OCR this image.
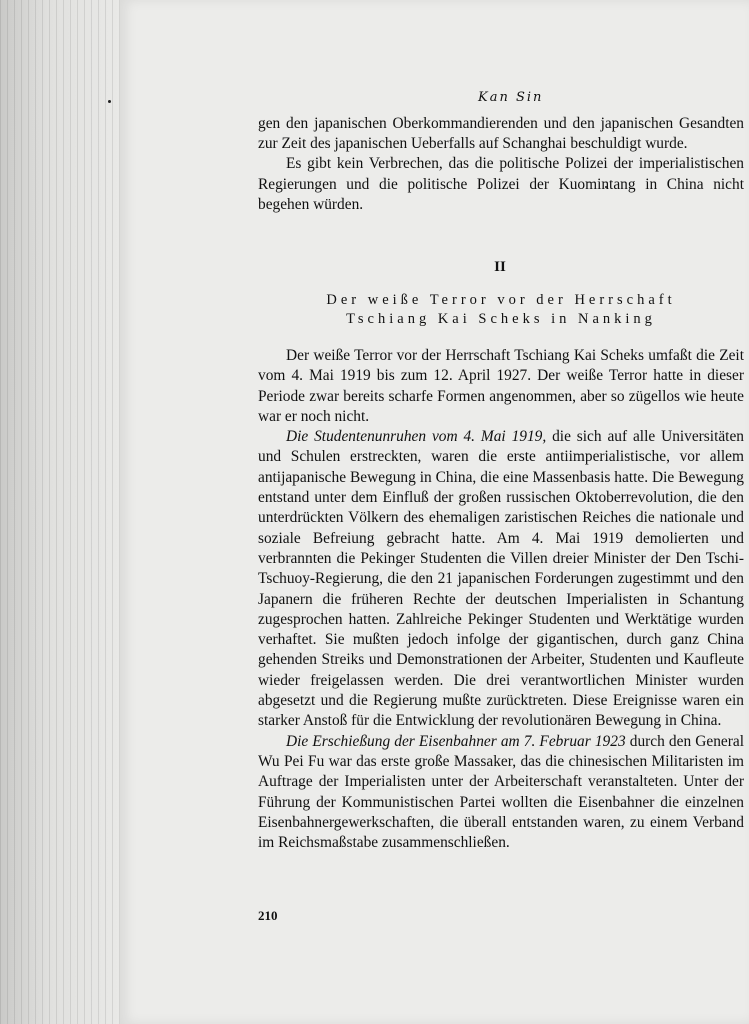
Kan Sin

gen den japanischen Oberkommandierenden und den japanischen Gesandten zur Zeit des japanischen Ueberfalls auf Schanghai beschuldigt wurde.

Es gibt kein Verbrechen, das die politische Polizei der imperialistischen Regierungen und die politische Polizei der Kuomintang in China nicht begehen würden.

II
Der weiße Terror vor der Herrschaft
Tschiang Kai Scheks in Nanking

Der weiße Terror vor der Herrschaft Tschiang Kai Scheks umfaßt die Zeit vom 4. Mai 1919 bis zum 12. April 1927. Der weiße Terror hatte in dieser Periode zwar bereits scharfe Formen angenommen, aber so zügellos wie heute war er noch nicht.

Die Studentenunruhen vom 4. Mai 1919, die sich auf alle Universitäten und Schulen erstreckten, waren die erste antiimperialistische, vor allem antijapanische Bewegung in China, die eine Massenbasis hatte. Die Bewegung entstand unter dem Einfluß der großen russischen Oktoberrevolution, die den unterdrückten Völkern des ehemaligen zaristischen Reiches die nationale und soziale Befreiung gebracht hatte. Am 4. Mai 1919 demolierten und verbrannten die Pekinger Studenten die Villen dreier Minister der Den Tschi-Tschuoy-Regierung, die den 21 japanischen Forderungen zugestimmt und den Japanern die früheren Rechte der deutschen Imperialisten in Schantung zugesprochen hatten. Zahlreiche Pekinger Studenten und Werktätige wurden verhaftet. Sie mußten jedoch infolge der gigantischen, durch ganz China gehenden Streiks und Demonstrationen der Arbeiter, Studenten und Kaufleute wieder freigelassen werden. Die drei verantwortlichen Minister wurden abgesetzt und die Regierung mußte zurücktreten. Diese Ereignisse waren ein starker Anstoß für die Entwicklung der revolutionären Bewegung in China.

Die Erschießung der Eisenbahner am 7. Februar 1923 durch den General Wu Pei Fu war das erste große Massaker, das die chinesischen Militaristen im Auftrage der Imperialisten unter der Arbeiterschaft veranstalteten. Unter der Führung der Kommunistischen Partei wollten die Eisenbahner die einzelnen Eisenbahnergewerkschaften, die überall entstanden waren, zu einem Verband im Reichsmaßstabe zusammenschließen.

210
